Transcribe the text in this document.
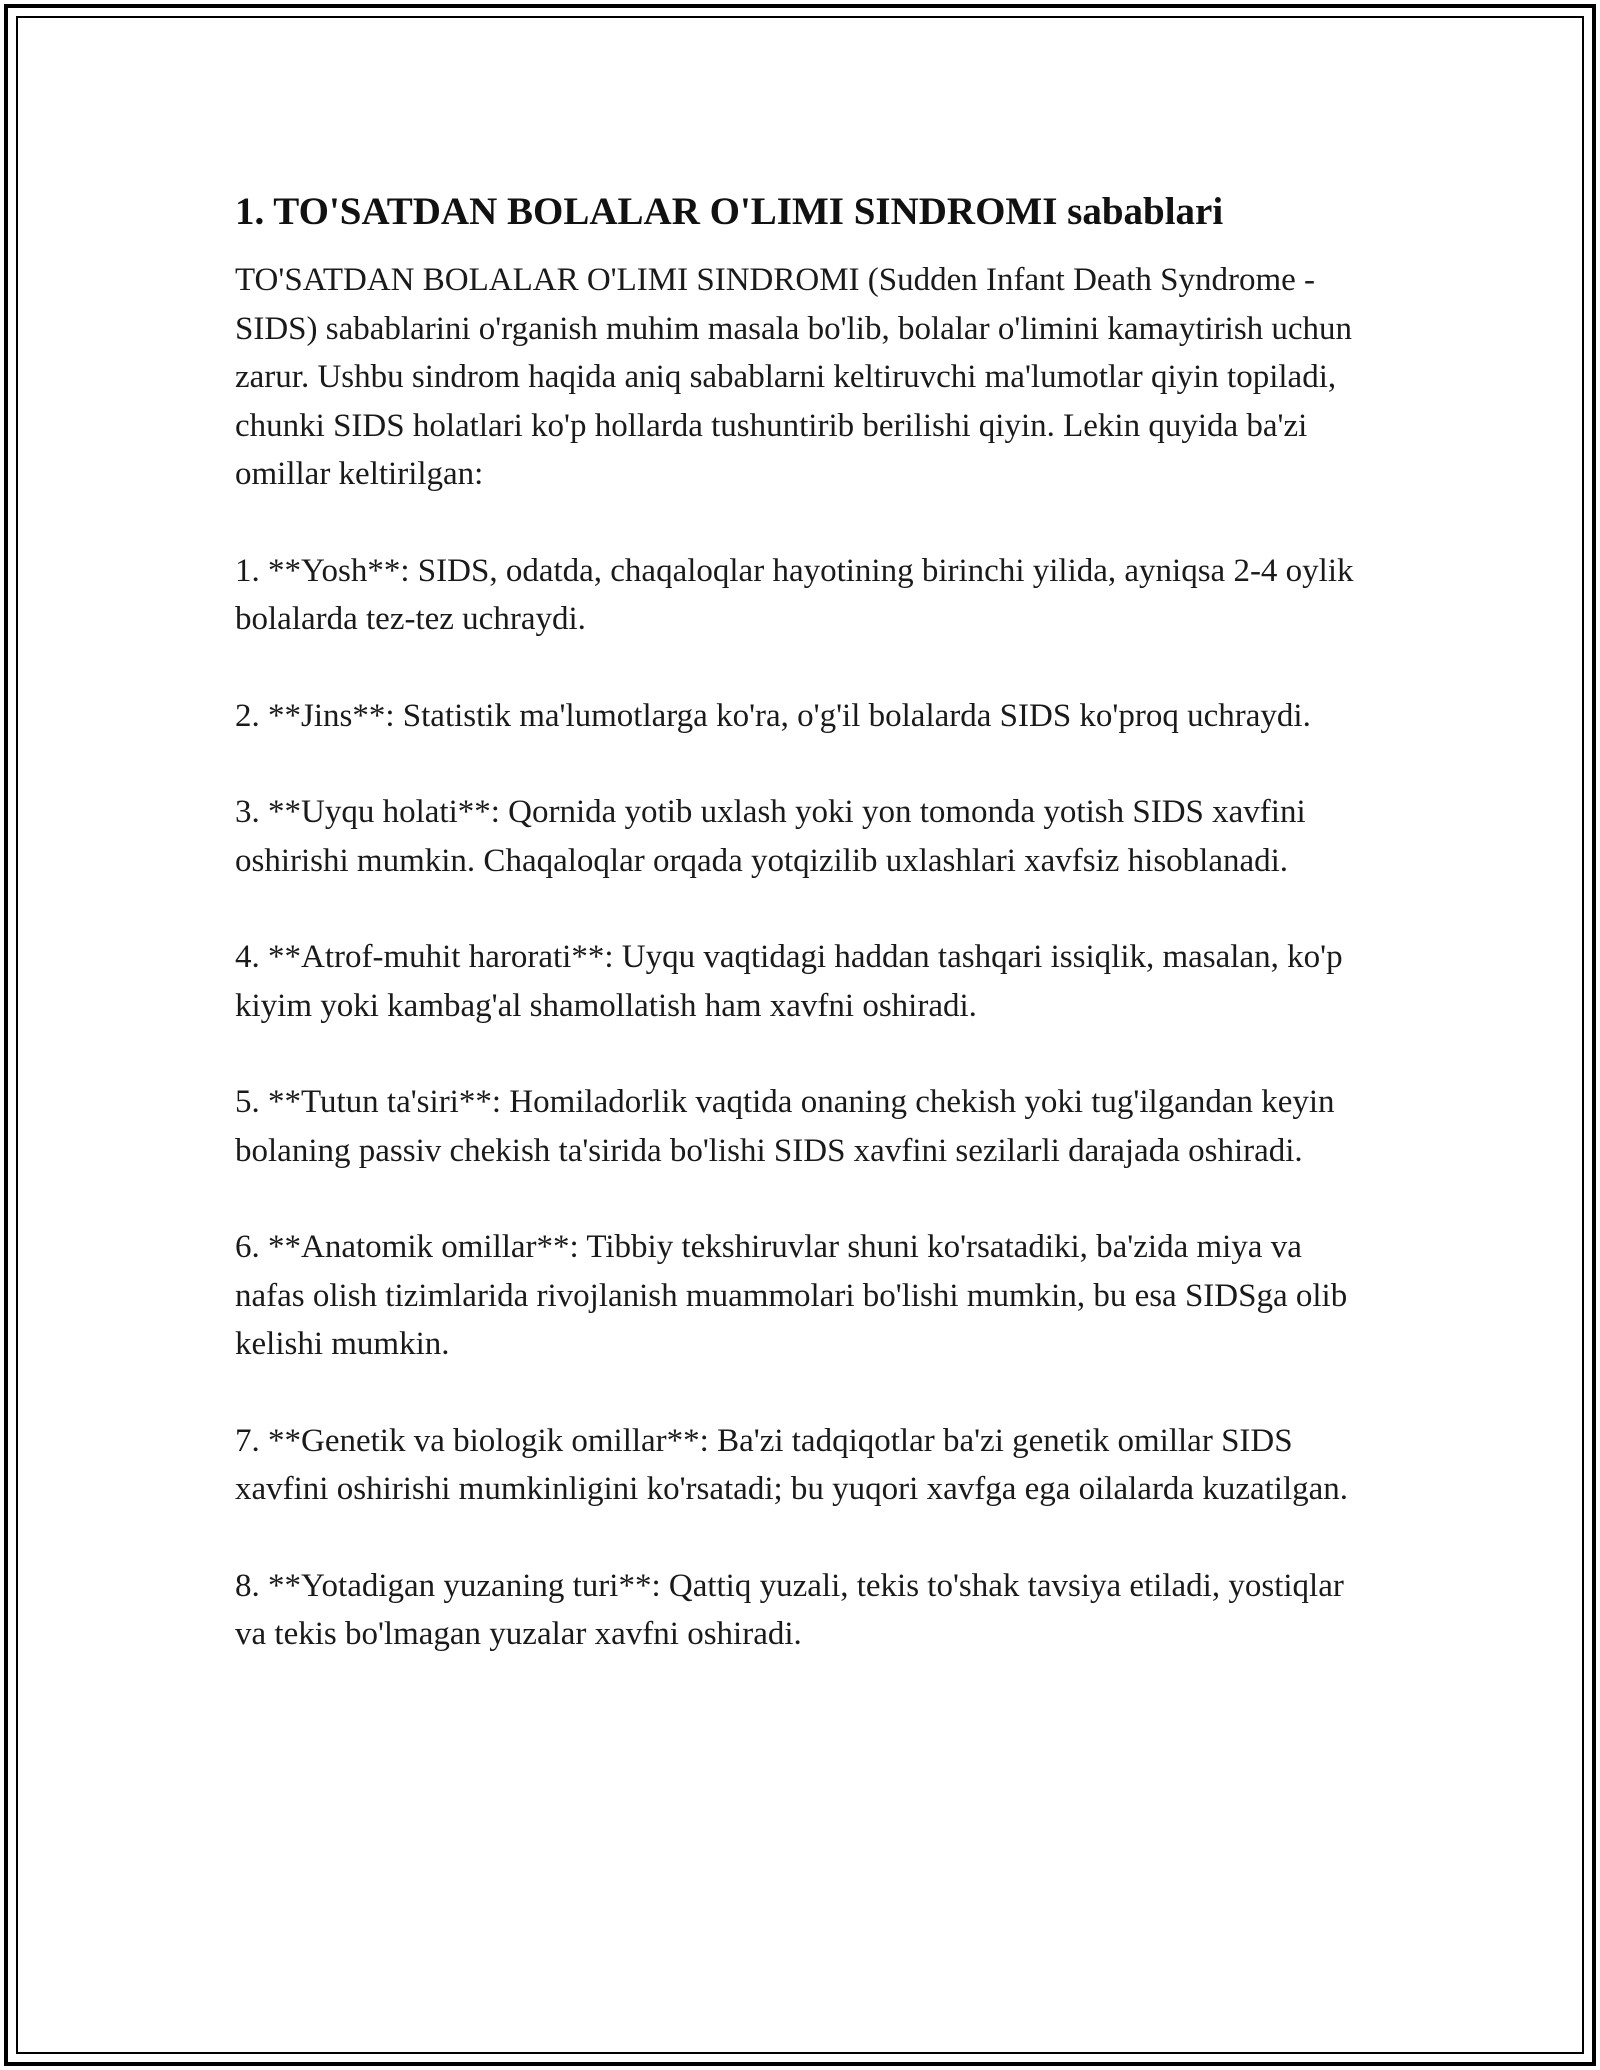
1. TO'SATDAN BOLALAR O'LIMI SINDROMI sabablari

TO'SATDAN BOLALAR O'LIMI SINDROMI (Sudden Infant Death Syndrome - SIDS) sabablarini o'rganish muhim masala bo'lib, bolalar o'limini kamaytirish uchun zarur. Ushbu sindrom haqida aniq sabablarni keltiruvchi ma'lumotlar qiyin topiladi, chunki SIDS holatlari ko'p hollarda tushuntirib berilishi qiyin. Lekin quyida ba'zi omillar keltirilgan:

1. **Yosh**: SIDS, odatda, chaqaloqlar hayotining birinchi yilida, ayniqsa 2-4 oylik bolalarda tez-tez uchraydi.

2. **Jins**: Statistik ma'lumotlarga ko'ra, o'g'il bolalarda SIDS ko'proq uchraydi.

3. **Uyqu holati**: Qornida yotib uxlash yoki yon tomonda yotish SIDS xavfini oshirishi mumkin. Chaqaloqlar orqada yotqizilib uxlashlari xavfsiz hisoblanadi.

4. **Atrof-muhit harorati**: Uyqu vaqtidagi haddan tashqari issiqlik, masalan, ko'p kiyim yoki kambag'al shamollatish ham xavfni oshiradi.

5. **Tutun ta'siri**: Homiladorlik vaqtida onaning chekish yoki tug'ilgandan keyin bolaning passiv chekish ta'sirida bo'lishi SIDS xavfini sezilarli darajada oshiradi.

6. **Anatomik omillar**: Tibbiy tekshiruvlar shuni ko'rsatadiki, ba'zida miya va nafas olish tizimlarida rivojlanish muammolari bo'lishi mumkin, bu esa SIDSga olib kelishi mumkin.

7. **Genetik va biologik omillar**: Ba'zi tadqiqotlar ba'zi genetik omillar SIDS xavfini oshirishi mumkinligini ko'rsatadi; bu yuqori xavfga ega oilalarda kuzatilgan.

8. **Yotadigan yuzaning turi**: Qattiq yuzali, tekis to'shak tavsiya etiladi, yostiqlar va tekis bo'lmagan yuzalar xavfni oshiradi.
